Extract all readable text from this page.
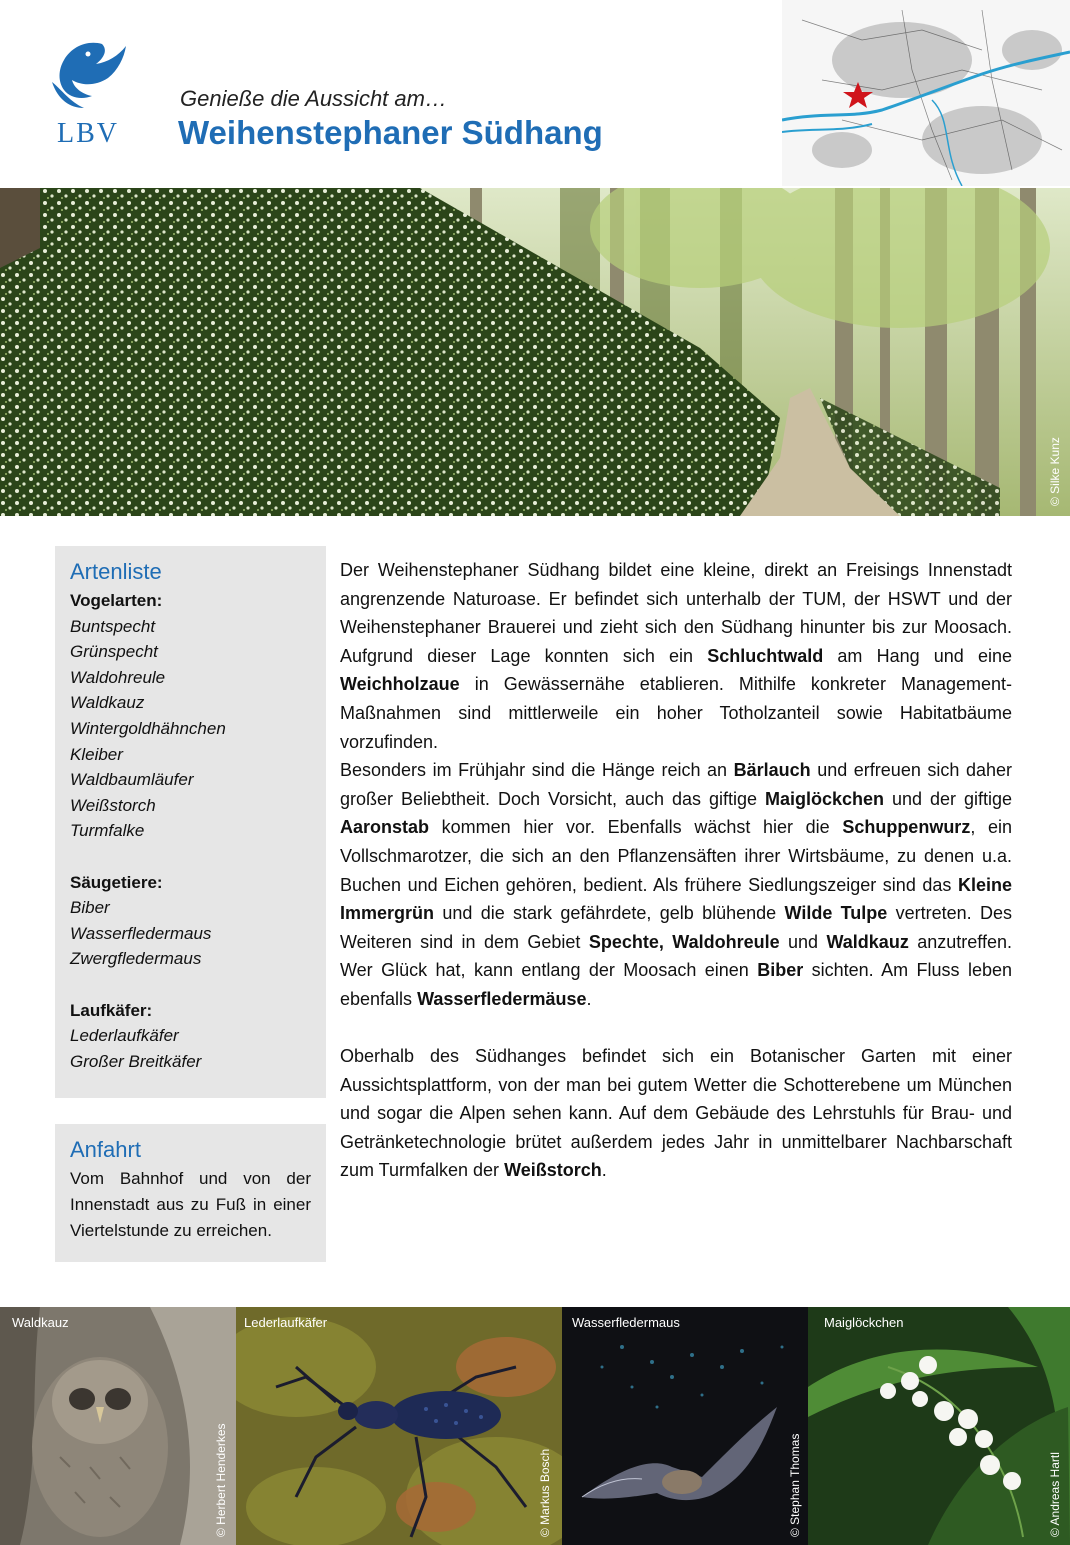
LBV
Genieße die Aussicht am…
Weihenstephaner Südhang
© Silke Kunz
Artenliste
Vogelarten:
Buntspecht
Grünspecht
Waldohreule
Waldkauz
Wintergoldhähnchen
Kleiber
Waldbaumläufer
Weißstorch
Turmfalke
Säugetiere:
Biber
Wasserfledermaus
Zwergfledermaus
Laufkäfer:
Lederlaufkäfer
Großer Breitkäfer
Anfahrt
Vom Bahnhof und von der Innenstadt aus zu Fuß in einer Viertelstunde zu erreichen.

Der Weihenstephaner Südhang bildet eine kleine, direkt an Freisings Innenstadt angrenzende Naturoase. Er befindet sich unterhalb der TUM, der HSWT und der Weihenstephaner Brauerei und zieht sich den Südhang hinunter bis zur Moosach. Aufgrund dieser Lage konnten sich ein Schluchtwald am Hang und eine Weichholzaue in Gewässernähe etablieren. Mithilfe konkreter Management-Maßnahmen sind mittlerweile ein hoher Totholzanteil sowie Habitatbäume vorzufinden.

Besonders im Frühjahr sind die Hänge reich an Bärlauch und erfreuen sich daher großer Beliebtheit. Doch Vorsicht, auch das giftige Maiglöckchen und der giftige Aaronstab kommen hier vor. Ebenfalls wächst hier die Schuppenwurz, ein Vollschmarotzer, die sich an den Pflanzensäften ihrer Wirtsbäume, zu denen u.a. Buchen und Eichen gehören, bedient. Als frühere Siedlungszeiger sind das Kleine Immergrün und die stark gefährdete, gelb blühende Wilde Tulpe vertreten. Des Weiteren sind in dem Gebiet Spechte, Waldohreule und Waldkauz anzutreffen. Wer Glück hat, kann entlang der Moosach einen Biber sichten. Am Fluss leben ebenfalls Wasserfledermäuse.

Oberhalb des Südhanges befindet sich ein Botanischer Garten mit einer Aussichtsplattform, von der man bei gutem Wetter die Schotterebene um München und sogar die Alpen sehen kann. Auf dem Gebäude des Lehrstuhls für Brau- und Getränketechnologie brütet außerdem jedes Jahr in unmittelbarer Nachbarschaft zum Turmfalken der Weißstorch.

Waldkauz
© Herbert Henderkes
Lederlaufkäfer
© Markus Bosch
Wasserfledermaus
© Stephan Thomas
Maiglöckchen
© Andreas Hartl
